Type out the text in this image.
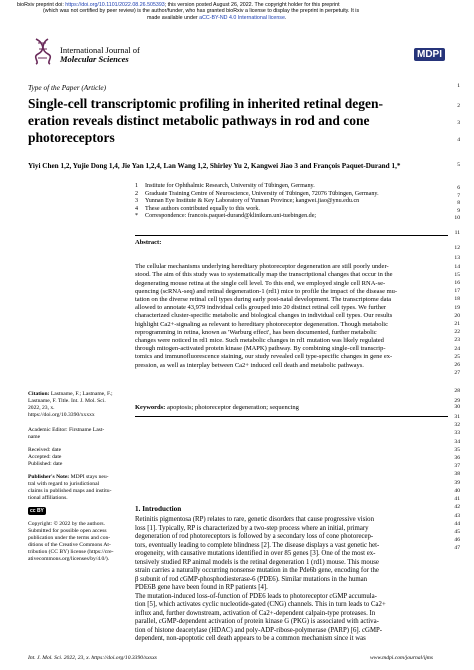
bioRxiv preprint doi: https://doi.org/10.1101/2022.08.26.505393; this version posted August 26, 2022. The copyright holder for this preprint
(which was not certified by peer review) is the author/funder, who has granted bioRxiv a license to display the preprint in perpetuity. It is
made available under aCC-BY-ND 4.0 International license.
International Journal of
Molecular Sciences	MDPI
1
2
3
4
5
6
7
8
9
10
11
12
13
14
15
16
17
18
19
20
21
22
23
24
25
26
27
28
29
30
31
32
33
34
35
36
37
38
39
40
41
42
43
44
45
46
47
Type of the Paper (Article)
Single-cell transcriptomic profiling in inherited retinal degen-
eration reveals distinct metabolic pathways in rod and cone
photoreceptors
Yiyi Chen 1,2, Yujie Dong 1,4, Jie Yan 1,2,4, Lan Wang 1,2, Shirley Yu 2, Kangwei Jiao 3 and François Paquet-Durand 1,*
1	Institute for Ophthalmic Research, University of Tübingen, Germany.
2	Graduate Training Centre of Neuroscience, University of Tübingen, 72076 Tübingen, Germany.
3	Yunnan Eye Institute & Key Laboratory of Yunnan Province; kangwei.jiao@ynu.edu.cn
4	These authors contributed equally to this work.
*	Correspondence: francois.paquet-durand@klinikum.uni-tuebingen.de;
Abstract:
The cellular mechanisms underlying hereditary photoreceptor degeneration are still poorly under-
stood. The aim of this study was to systematically map the transcriptional changes that occur in the
degenerating mouse retina at the single cell level. To this end, we employed single cell RNA-se-
quencing (scRNA-seq) and retinal degeneration-1 (rd1) mice to profile the impact of the disease mu-
tation on the diverse retinal cell types during early post-natal development. The transcriptome data
allowed to annotate 43,979 individual cells grouped into 20 distinct retinal cell types. We further
characterized cluster-specific metabolic and biological changes in individual cell types. Our results
highlight Ca2+-signaling as relevant to hereditary photoreceptor degeneration. Though metabolic
reprogramming in retina, known as 'Warburg effect', has been documented, further metabolic
changes were noticed in rd1 mice. Such metabolic changes in rd1 mutation was likely regulated
through mitogen-activated protein kinase (MAPK) pathway. By combining single-cell transcrip-
tomics and immunofluorescence staining, our study revealed cell type-specific changes in gene ex-
pression, as well as interplay between Ca2+ induced cell death and metabolic pathways.
Keywords: apoptosis; photoreceptor degeneration; sequencing
Citation: Lastname, F.; Lastname, F.;
Lastname, F. Title. Int. J. Mol. Sci.
2022, 23, x.
https://doi.org/10.3390/xxxxx
Academic Editor: Firstname Last-
name
Received: date
Accepted: date
Published: date
Publisher's Note: MDPI stays neu-
tral with regard to jurisdictional
claims in published maps and institu-
tional affiliations.
cc BY
Copyright: © 2022 by the authors.
Submitted for possible open access
publication under the terms and con-
ditions of the Creative Commons At-
tribution (CC BY) license (https://cre-
ativecommons.org/licenses/by/4.0/).
1. Introduction
Retinitis pigmentosa (RP) relates to rare, genetic disorders that cause progressive vision
loss [1]. Typically, RP is characterized by a two-step process where an initial, primary
degeneration of rod photoreceptors is followed by a secondary loss of cone photorecep-
tors, eventually leading to complete blindness [2]. The disease displays a vast genetic het-
erogeneity, with causative mutations identified in over 85 genes [3]. One of the most ex-
tensively studied RP animal models is the retinal degeneration 1 (rd1) mouse. This mouse
strain carries a naturally occurring nonsense mutation in the Pde6b gene, encoding for the
β subunit of rod cGMP-phosphodiesterase-6 (PDE6). Similar mutations in the human
PDE6B gene have been found in RP patients [4].
The mutation-induced loss-of-function of PDE6 leads to photoreceptor cGMP accumula-
tion [5], which activates cyclic nucleotide-gated (CNG) channels. This in turn leads to Ca2+
influx and, further downstream, activation of Ca2+-dependent calpain-type proteases. In
parallel, cGMP-dependent activation of protein kinase G (PKG) is associated with activa-
tion of histone deacetylase (HDAC) and poly-ADP-ribose-polymerase (PARP) [6]. cGMP-
dependent, non-apoptotic cell death appears to be a common mechanism since it was
Int. J. Mol. Sci. 2022, 23, x. https://doi.org/10.3390/xxxxx	www.mdpi.com/journal/ijms
